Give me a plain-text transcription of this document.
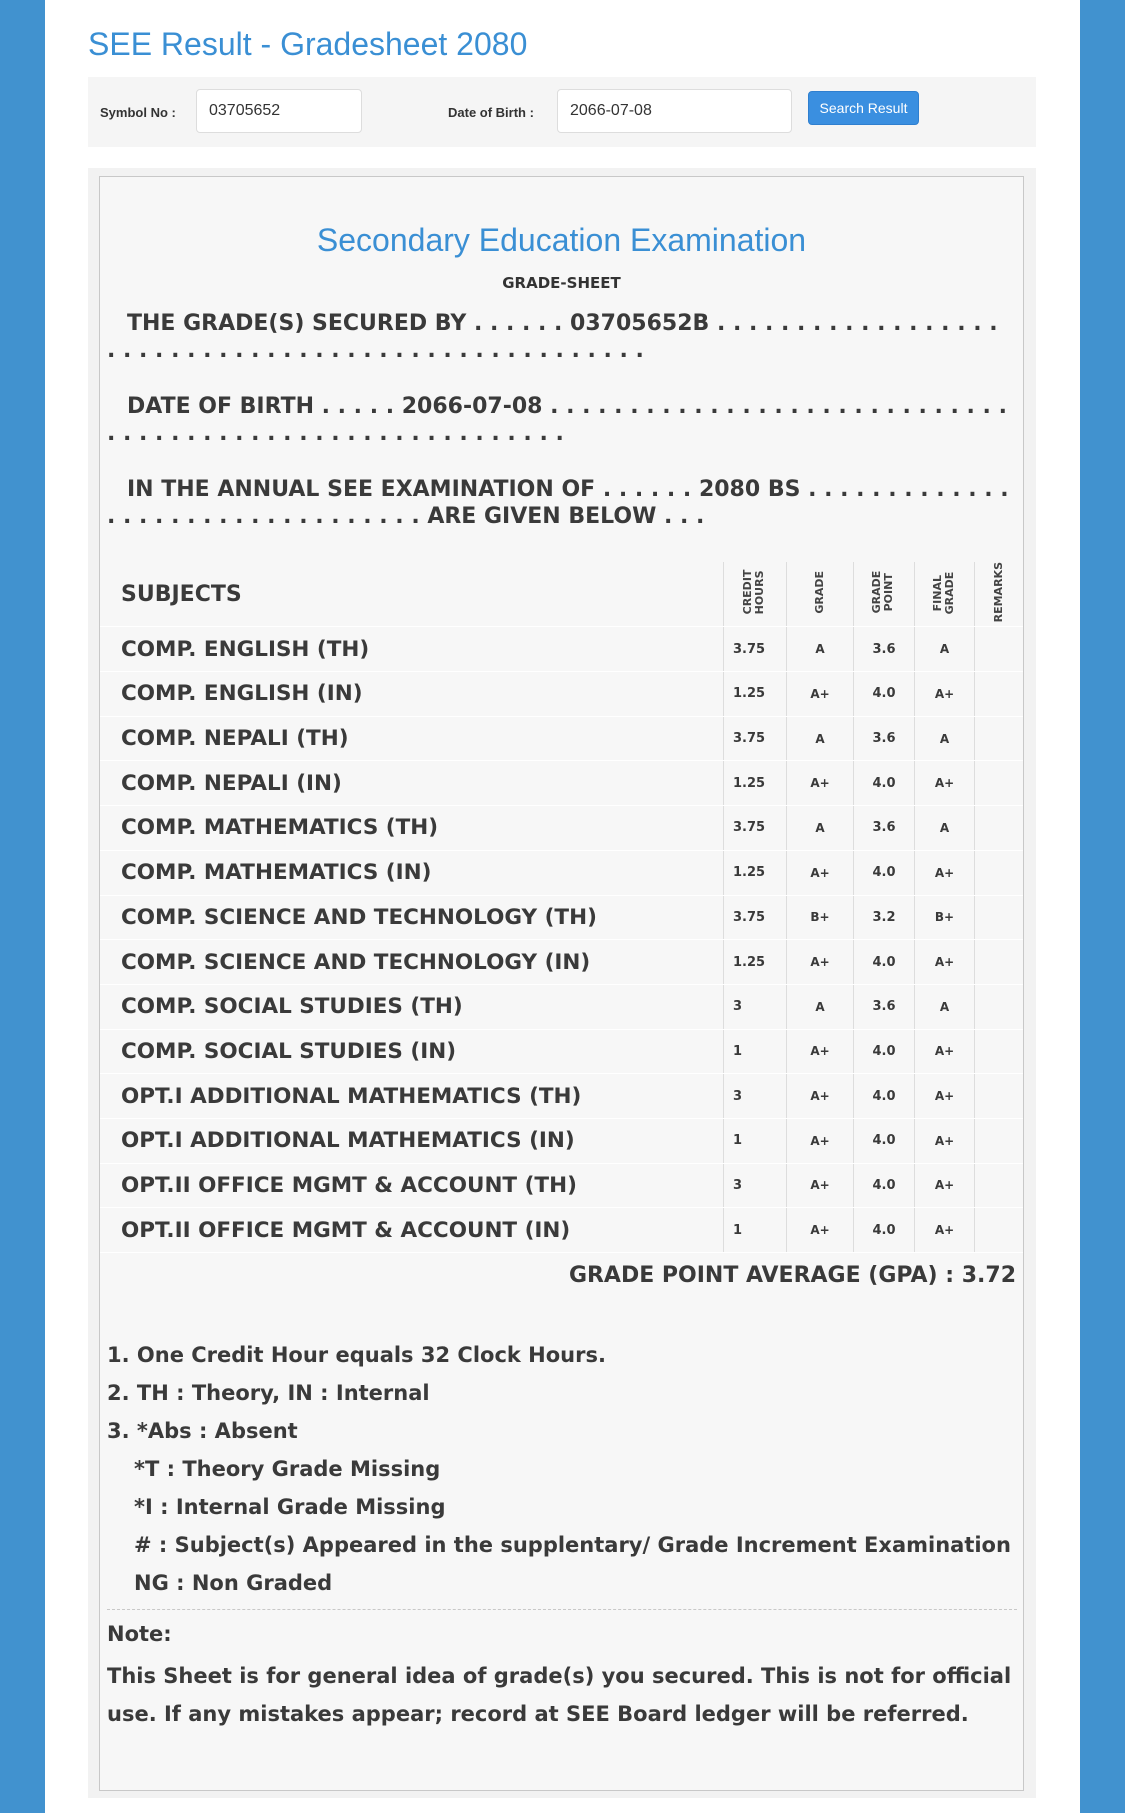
SEE Result - Gradesheet 2080
Symbol No :
03705652	Date of Birth :
2066-07-08	Search Result
Secondary Education Examination
GRADE-SHEET
THE GRADE(S) SECURED BY . . . . . . 03705652B . . . . . . . . . . . . . . . . . . . . . . . . . . . . . . . . . . . . . . . . . . . . . . . . . . . .
DATE OF BIRTH . . . . . 2066-07-08 . . . . . . . . . . . . . . . . . . . . . . . . . . . . . . . . . . . . . . . . . . . . . . . . . . . . . . . . . .
IN THE ANNUAL SEE EXAMINATION OF . . . . . . 2080 BS . . . . . . . . . . . . . . . . . . . . . . . . . . . . . . . . . ARE GIVEN BELOW . . .
SUBJECTS	CREDIT HOURS	GRADE	GRADE POINT	FINAL GRADE	REMARKS
COMP. ENGLISH (TH)	3.75	A	3.6	A	
COMP. ENGLISH (IN)	1.25	A+	4.0	A+	
COMP. NEPALI (TH)	3.75	A	3.6	A	
COMP. NEPALI (IN)	1.25	A+	4.0	A+	
COMP. MATHEMATICS (TH)	3.75	A	3.6	A	
COMP. MATHEMATICS (IN)	1.25	A+	4.0	A+	
COMP. SCIENCE AND TECHNOLOGY (TH)	3.75	B+	3.2	B+	
COMP. SCIENCE AND TECHNOLOGY (IN)	1.25	A+	4.0	A+	
COMP. SOCIAL STUDIES (TH)	3	A	3.6	A	
COMP. SOCIAL STUDIES (IN)	1	A+	4.0	A+	
OPT.I ADDITIONAL MATHEMATICS (TH)	3	A+	4.0	A+	
OPT.I ADDITIONAL MATHEMATICS (IN)	1	A+	4.0	A+	
OPT.II OFFICE MGMT & ACCOUNT (TH)	3	A+	4.0	A+	
OPT.II OFFICE MGMT & ACCOUNT (IN)	1	A+	4.0	A+	
GRADE POINT AVERAGE (GPA) : 3.72
1. One Credit Hour equals 32 Clock Hours.
2. TH : Theory, IN : Internal
3. *Abs : Absent
*T : Theory Grade Missing
*I : Internal Grade Missing
# : Subject(s) Appeared in the supplentary/ Grade Increment Examination
NG : Non Graded
Note:
This Sheet is for general idea of grade(s) you secured. This is not for official use. If any mistakes appear; record at SEE Board ledger will be referred.
